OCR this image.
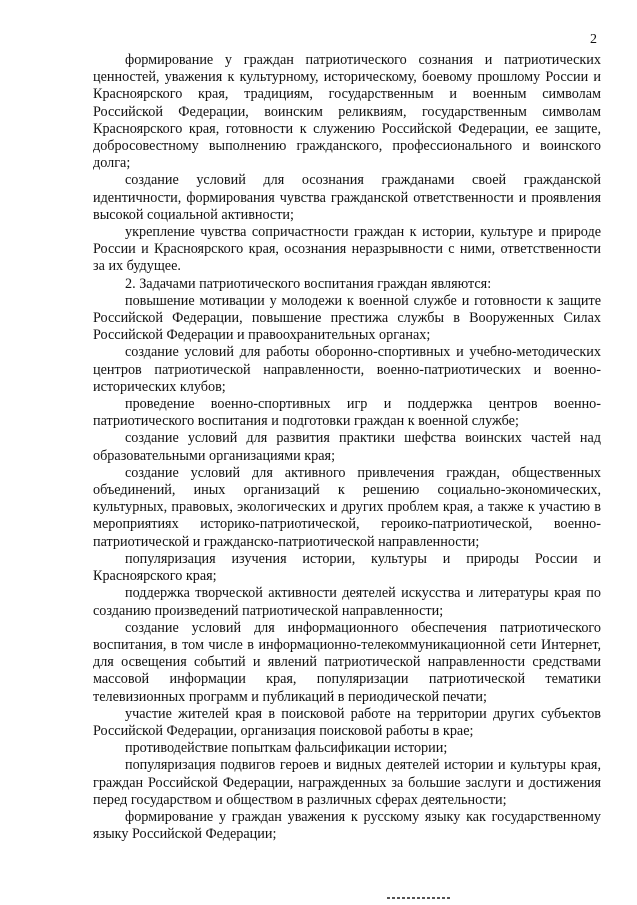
2

формирование у граждан патриотического сознания и патриотических ценностей, уважения к культурному, историческому, боевому прошлому России и Красноярского края, традициям, государственным и военным символам Российской Федерации, воинским реликвиям, государственным символам Красноярского края, готовности к служению Российской Федерации, ее защите, добросовестному выполнению гражданского, профессионального и воинского долга;

создание условий для осознания гражданами своей гражданской идентичности, формирования чувства гражданской ответственности и проявления высокой социальной активности;

укрепление чувства сопричастности граждан к истории, культуре и природе России и Красноярского края, осознания неразрывности с ними, ответственности за их будущее.

2. Задачами патриотического воспитания граждан являются:

повышение мотивации у молодежи к военной службе и готовности к защите Российской Федерации, повышение престижа службы в Вооруженных Силах Российской Федерации и правоохранительных органах;

создание условий для работы оборонно-спортивных и учебно-методических центров патриотической направленности, военно-патриотических и военно-исторических клубов;

проведение военно-спортивных игр и поддержка центров военно-патриотического воспитания и подготовки граждан к военной службе;

создание условий для развития практики шефства воинских частей над образовательными организациями края;

создание условий для активного привлечения граждан, общественных объединений, иных организаций к решению социально-экономических, культурных, правовых, экологических и других проблем края, а также к участию в мероприятиях историко-патриотической, героико-патриотической, военно-патриотической и гражданско-патриотической направленности;

популяризация изучения истории, культуры и природы России и Красноярского края;

поддержка творческой активности деятелей искусства и литературы края по созданию произведений патриотической направленности;

создание условий для информационного обеспечения патриотического воспитания, в том числе в информационно-телекоммуникационной сети Интернет, для освещения событий и явлений патриотической направленности средствами массовой информации края, популяризации патриотической тематики телевизионных программ и публикаций в периодической печати;

участие жителей края в поисковой работе на территории других субъектов Российской Федерации, организация поисковой работы в крае;

противодействие попыткам фальсификации истории;

популяризация подвигов героев и видных деятелей истории и культуры края, граждан Российской Федерации, награжденных за большие заслуги и достижения перед государством и обществом в различных сферах деятельности;

формирование у граждан уважения к русскому языку как государственному языку Российской Федерации;
